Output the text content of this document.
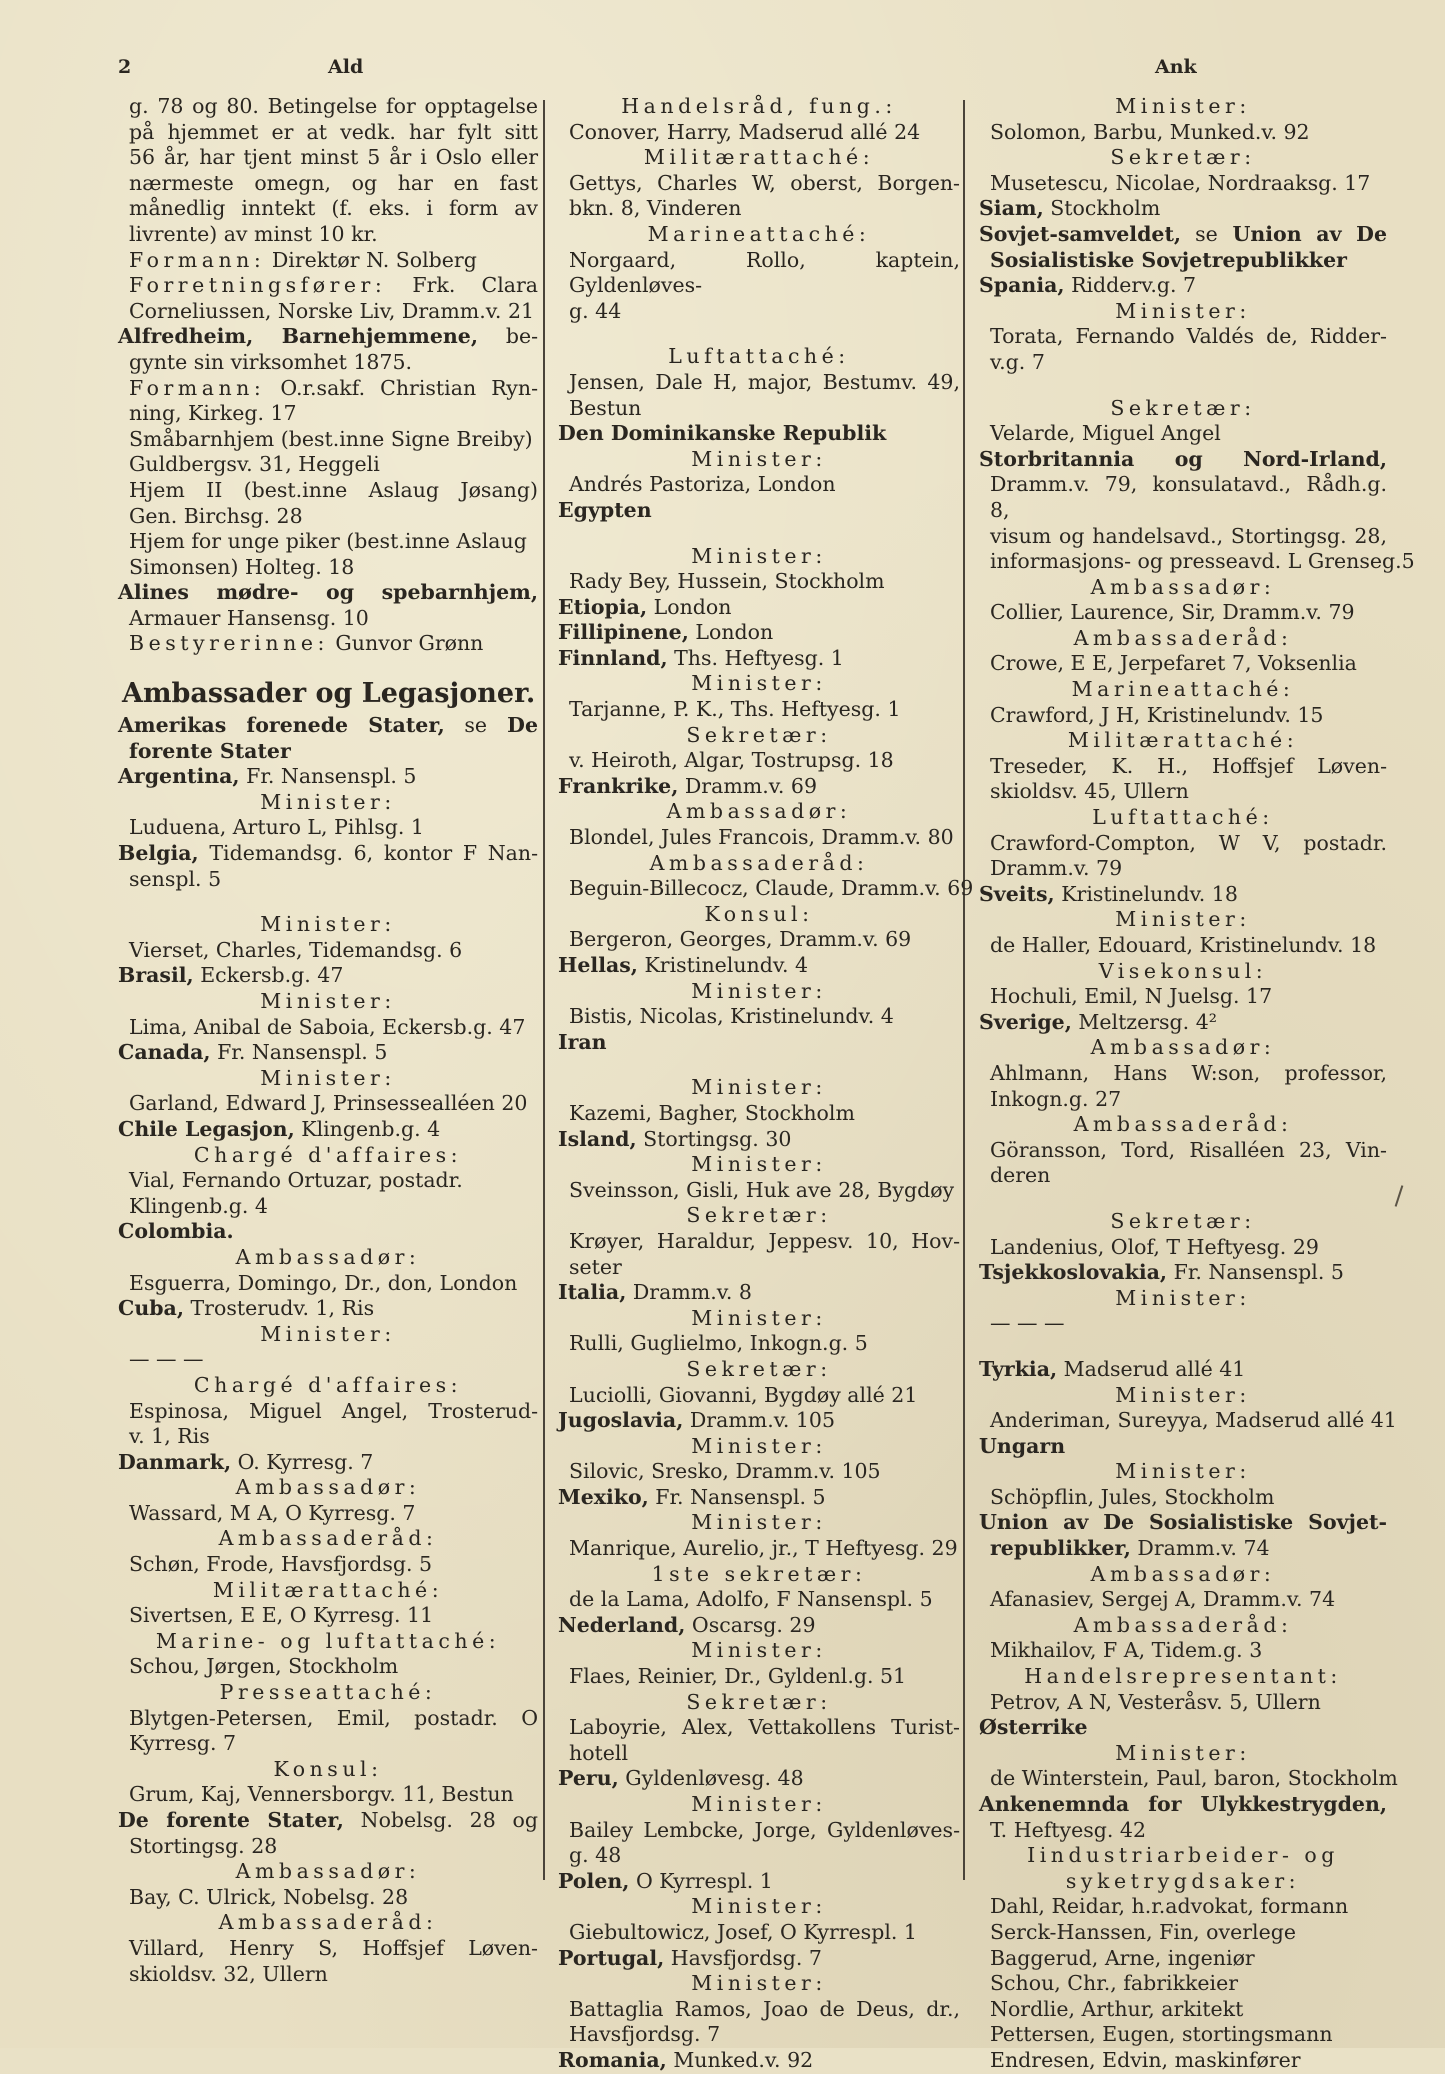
2	Ald	Ank
g. 78 og 80. Betingelse for opptagelse
på hjemmet er at vedk. har fylt sitt
56 år, har tjent minst 5 år i Oslo eller
nærmeste omegn, og har en fast
månedlig inntekt (f. eks. i form av
livrente) av minst 10 kr.
Formann: Direktør N. Solberg
Forretningsfører: Frk. Clara
Corneliussen, Norske Liv, Dramm.v. 21
Alfredheim, Barnehjemmene, be-
gynte sin virksomhet 1875.
Formann: O.r.sakf. Christian Ryn-
ning, Kirkeg. 17
Småbarnhjem (best.inne Signe Breiby)
Guldbergsv. 31, Heggeli
Hjem II (best.inne Aslaug Jøsang)
Gen. Birchsg. 28
Hjem for unge piker (best.inne Aslaug
Simonsen) Holteg. 18
Alines mødre- og spebarnhjem,
Armauer Hansensg. 10
Bestyrerinne: Gunvor Grønn
Ambassader og Legasjoner.
Amerikas forenede Stater, se De
forente Stater
Argentina, Fr. Nansenspl. 5
Minister:
Luduena, Arturo L, Pihlsg. 1
Belgia, Tidemandsg. 6, kontor F Nan-
senspl. 5
Minister:
Vierset, Charles, Tidemandsg. 6
Brasil, Eckersb.g. 47
Minister:
Lima, Anibal de Saboia, Eckersb.g. 47
Canada, Fr. Nansenspl. 5
Minister:
Garland, Edward J, Prinsessealléen 20
Chile Legasjon, Klingenb.g. 4
Chargé d'affaires:
Vial, Fernando Ortuzar, postadr.
Klingenb.g. 4
Colombia.
Ambassadør:
Esguerra, Domingo, Dr., don, London
Cuba, Trosterudv. 1, Ris
Minister:
— — —
Chargé d'affaires:
Espinosa, Miguel Angel, Trosterud-
v. 1, Ris
Danmark, O. Kyrresg. 7
Ambassadør:
Wassard, M A, O Kyrresg. 7
Ambassaderåd:
Schøn, Frode, Havsfjordsg. 5
Militærattaché:
Sivertsen, E E, O Kyrresg. 11
Marine- og luftattaché:
Schou, Jørgen, Stockholm
Presseattaché:
Blytgen-Petersen, Emil, postadr. O
Kyrresg. 7
Konsul:
Grum, Kaj, Vennersborgv. 11, Bestun
De forente Stater, Nobelsg. 28 og
Stortingsg. 28
Ambassadør:
Bay, C. Ulrick, Nobelsg. 28
Ambassaderåd:
Villard, Henry S, Hoffsjef Løven-
skioldsv. 32, Ullern
Handelsråd, fung.:
Conover, Harry, Madserud allé 24
Militærattaché:
Gettys, Charles W, oberst, Borgen-
bkn. 8, Vinderen
Marineattaché:
Norgaard, Rollo, kaptein, Gyldenløves-
g. 44
Luftattaché:
Jensen, Dale H, major, Bestumv. 49,
Bestun
Den Dominikanske Republik
Minister:
Andrés Pastoriza, London
Egypten
Minister:
Rady Bey, Hussein, Stockholm
Etiopia, London
Fillipinene, London
Finnland, Ths. Heftyesg. 1
Minister:
Tarjanne, P. K., Ths. Heftyesg. 1
Sekretær:
v. Heiroth, Algar, Tostrupsg. 18
Frankrike, Dramm.v. 69
Ambassadør:
Blondel, Jules Francois, Dramm.v. 80
Ambassaderåd:
Beguin-Billecocz, Claude, Dramm.v. 69
Konsul:
Bergeron, Georges, Dramm.v. 69
Hellas, Kristinelundv. 4
Minister:
Bistis, Nicolas, Kristinelundv. 4
Iran
Minister:
Kazemi, Bagher, Stockholm
Island, Stortingsg. 30
Minister:
Sveinsson, Gisli, Huk ave 28, Bygdøy
Sekretær:
Krøyer, Haraldur, Jeppesv. 10, Hov-
seter
Italia, Dramm.v. 8
Minister:
Rulli, Guglielmo, Inkogn.g. 5
Sekretær:
Luciolli, Giovanni, Bygdøy allé 21
Jugoslavia, Dramm.v. 105
Minister:
Silovic, Sresko, Dramm.v. 105
Mexiko, Fr. Nansenspl. 5
Minister:
Manrique, Aurelio, jr., T Heftyesg. 29
1ste sekretær:
de la Lama, Adolfo, F Nansenspl. 5
Nederland, Oscarsg. 29
Minister:
Flaes, Reinier, Dr., Gyldenl.g. 51
Sekretær:
Laboyrie, Alex, Vettakollens Turist-
hotell
Peru, Gyldenløvesg. 48
Minister:
Bailey Lembcke, Jorge, Gyldenløves-
g. 48
Polen, O Kyrrespl. 1
Minister:
Giebultowicz, Josef, O Kyrrespl. 1
Portugal, Havsfjordsg. 7
Minister:
Battaglia Ramos, Joao de Deus, dr.,
Havsfjordsg. 7
Romania, Munked.v. 92
Minister:
Solomon, Barbu, Munked.v. 92
Sekretær:
Musetescu, Nicolae, Nordraaksg. 17
Siam, Stockholm
Sovjet-samveldet, se Union av De
Sosialistiske Sovjetrepublikker
Spania, Ridderv.g. 7
Minister:
Torata, Fernando Valdés de, Ridder-
v.g. 7
Sekretær:
Velarde, Miguel Angel
Storbritannia og Nord-Irland,
Dramm.v. 79, konsulatavd., Rådh.g. 8,
visum og handelsavd., Stortingsg. 28,
informasjons- og presseavd. L Grenseg.5
Ambassadør:
Collier, Laurence, Sir, Dramm.v. 79
Ambassaderåd:
Crowe, E E, Jerpefaret 7, Voksenlia
Marineattaché:
Crawford, J H, Kristinelundv. 15
Militærattaché:
Treseder, K. H., Hoffsjef Løven-
skioldsv. 45, Ullern
Luftattaché:
Crawford-Compton, W V, postadr.
Dramm.v. 79
Sveits, Kristinelundv. 18
Minister:
de Haller, Edouard, Kristinelundv. 18
Visekonsul:
Hochuli, Emil, N Juelsg. 17
Sverige, Meltzersg. 4²
Ambassadør:
Ahlmann, Hans W:son, professor,
Inkogn.g. 27
Ambassaderåd:
Göransson, Tord, Risalléen 23, Vin-
deren
Sekretær:
Landenius, Olof, T Heftyesg. 29
Tsjekkoslovakia, Fr. Nansenspl. 5
Minister:
— — —
Tyrkia, Madserud allé 41
Minister:
Anderiman, Sureyya, Madserud allé 41
Ungarn
Minister:
Schöpflin, Jules, Stockholm
Union av De Sosialistiske Sovjet-
republikker, Dramm.v. 74
Ambassadør:
Afanasiev, Sergej A, Dramm.v. 74
Ambassaderåd:
Mikhailov, F A, Tidem.g. 3
Handelsrepresentant:
Petrov, A N, Vesteråsv. 5, Ullern
Østerrike
Minister:
de Winterstein, Paul, baron, Stockholm
Ankenemnda for Ulykkestrygden,
T. Heftyesg. 42
Iindustriarbeider- og
syketrygdsaker:
Dahl, Reidar, h.r.advokat, formann
Serck-Hanssen, Fin, overlege
Baggerud, Arne, ingeniør
Schou, Chr., fabrikkeier
Nordlie, Arthur, arkitekt
Pettersen, Eugen, stortingsmann
Endresen, Edvin, maskinfører
